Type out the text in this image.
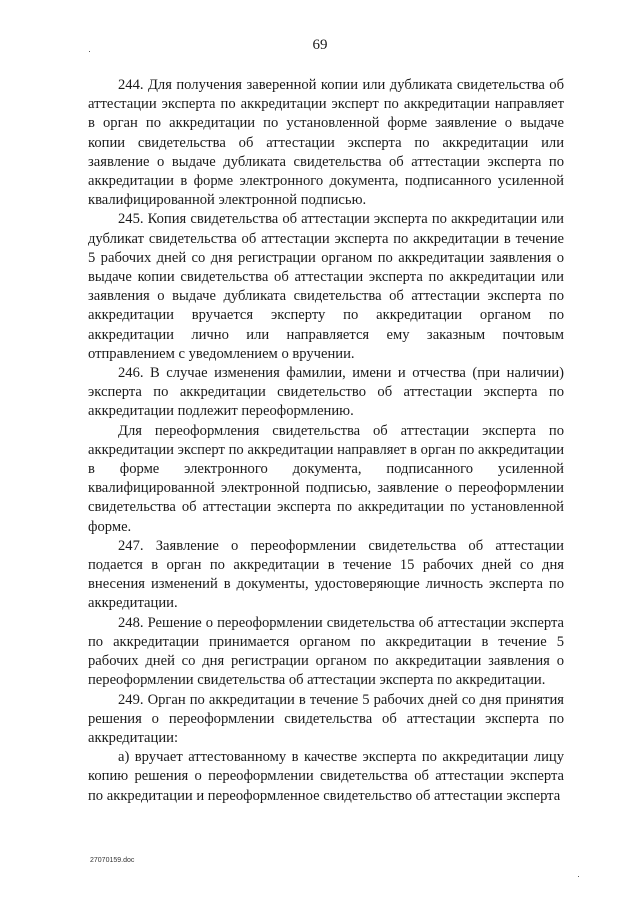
69

244. Для получения заверенной копии или дубликата свидетельства об аттестации эксперта по аккредитации эксперт по аккредитации направляет в орган по аккредитации по установленной форме заявление о выдаче копии свидетельства об аттестации эксперта по аккредитации или заявление о выдаче дубликата свидетельства об аттестации эксперта по аккредитации в форме электронного документа, подписанного усиленной квалифицированной электронной подписью.

245. Копия свидетельства об аттестации эксперта по аккредитации или дубликат свидетельства об аттестации эксперта по аккредитации в течение 5 рабочих дней со дня регистрации органом по аккредитации заявления о выдаче копии свидетельства об аттестации эксперта по аккредитации или заявления о выдаче дубликата свидетельства об аттестации эксперта по аккредитации вручается эксперту по аккредитации органом по аккредитации лично или направляется ему заказным почтовым отправлением с уведомлением о вручении.

246. В случае изменения фамилии, имени и отчества (при наличии) эксперта по аккредитации свидетельство об аттестации эксперта по аккредитации подлежит переоформлению.

Для переоформления свидетельства об аттестации эксперта по аккредитации эксперт по аккредитации направляет в орган по аккредитации в форме электронного документа, подписанного усиленной квалифицированной электронной подписью, заявление о переоформлении свидетельства об аттестации эксперта по аккредитации по установленной форме.

247. Заявление о переоформлении свидетельства об аттестации подается в орган по аккредитации в течение 15 рабочих дней со дня внесения изменений в документы, удостоверяющие личность эксперта по аккредитации.

248. Решение о переоформлении свидетельства об аттестации эксперта по аккредитации принимается органом по аккредитации в течение 5 рабочих дней со дня регистрации органом по аккредитации заявления о переоформлении свидетельства об аттестации эксперта по аккредитации.

249. Орган по аккредитации в течение 5 рабочих дней со дня принятия решения о переоформлении свидетельства об аттестации эксперта по аккредитации:

а) вручает аттестованному в качестве эксперта по аккредитации лицу копию решения о переоформлении свидетельства об аттестации эксперта по аккредитации и переоформленное свидетельство об аттестации эксперта

27070159.doc
